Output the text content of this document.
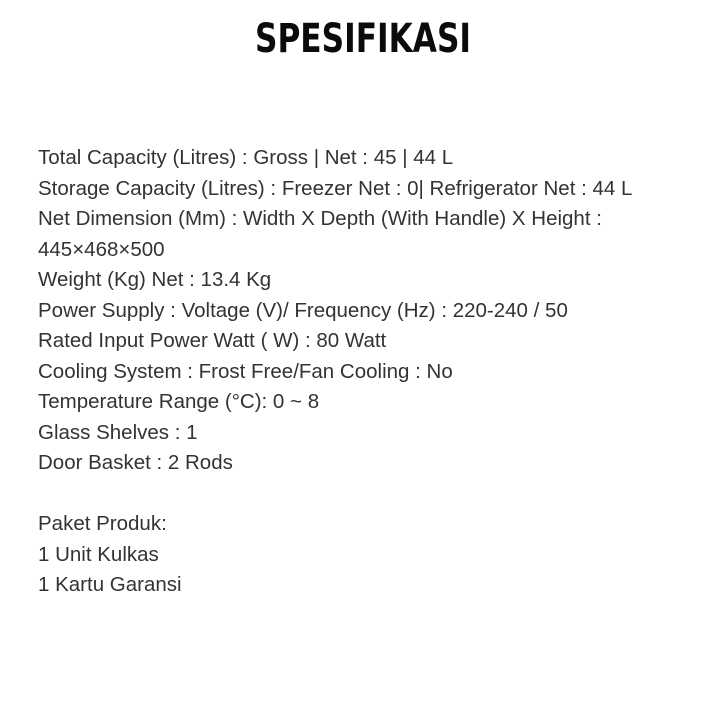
SPESIFIKASI
Total Capacity (Litres) : Gross | Net : 45 | 44 L
Storage Capacity (Litres) : Freezer Net : 0| Refrigerator Net : 44 L
Net Dimension (Mm) : Width X Depth (With Handle) X Height : 445×468×500
Weight (Kg) Net : 13.4 Kg
Power Supply : Voltage (V)/ Frequency (Hz) : 220-240 / 50
Rated Input Power Watt ( W) : 80 Watt
Cooling System : Frost Free/Fan Cooling : No
Temperature Range (°C): 0 ~ 8
Glass Shelves : 1
Door Basket : 2 Rods
Paket Produk:
1 Unit Kulkas
1 Kartu Garansi
